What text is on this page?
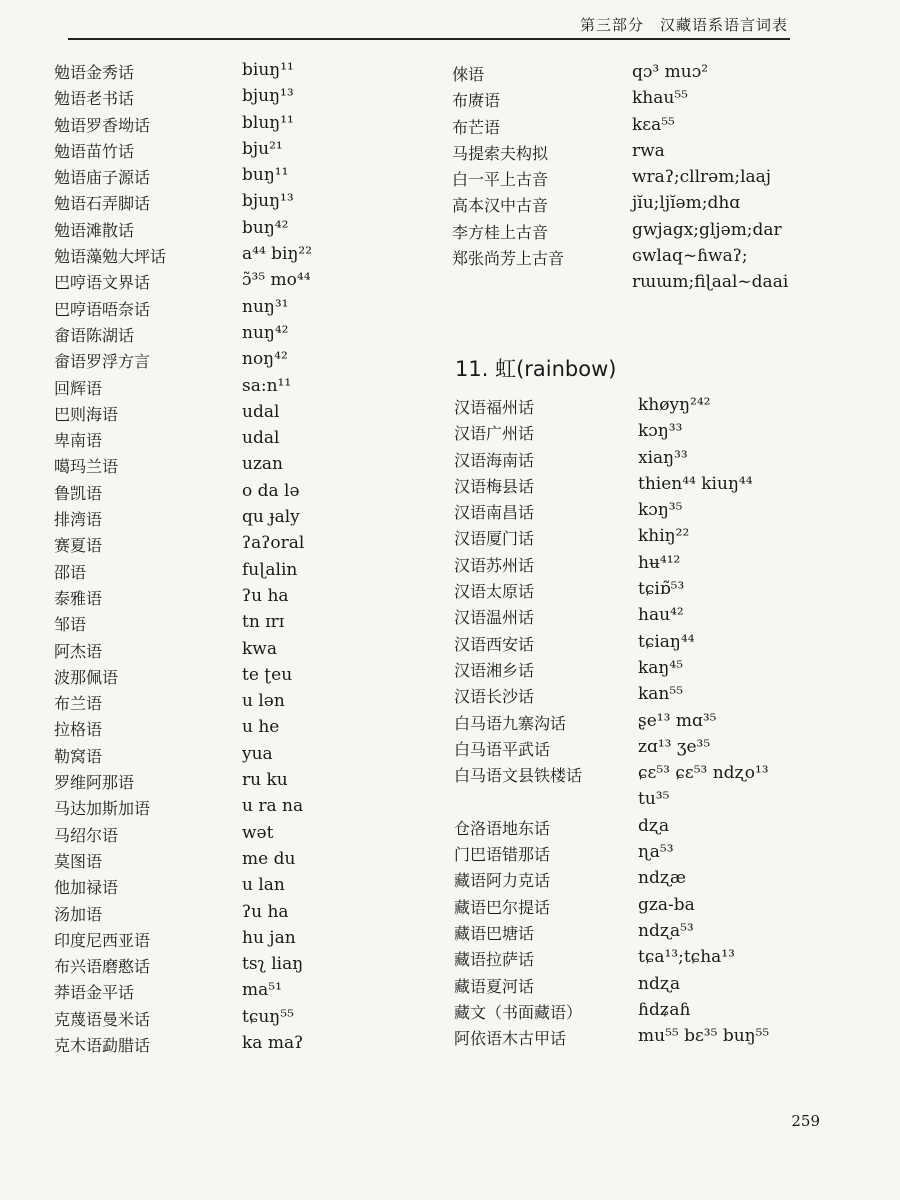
第三部分　汉藏语系语言词表
勉语金秀话	biuŋ¹¹
勉语老书话	bjuŋ¹³
勉语罗香坳话	bluŋ¹¹
勉语苗竹话	bju²¹
勉语庙子源话	buŋ¹¹
勉语石弄脚话	bjuŋ¹³
勉语滩散话	buŋ⁴²
勉语藻勉大坪话	a⁴⁴ biŋ²²
巴哼语文界话	ɔ̃³⁵ mo⁴⁴
巴哼语唔奈话	nuŋ³¹
畲语陈湖话	nuŋ⁴²
畲语罗浮方言	noŋ⁴²
回辉语	sa:n¹¹
巴则海语	udal
卑南语	udal
噶玛兰语	uzan
鲁凯语	o da lə
排湾语	qu ɟaly
赛夏语	ʔaʔoral
邵语	fuɭalin
泰雅语	ʔu ha
邹语	tn ɪrɪ
阿杰语	kwa
波那佩语	te ʈeu
布兰语	u lən
拉格语	u he
勒窝语	yua
罗维阿那语	ru ku
马达加斯加语	u ra na
马绍尔语	wət
莫图语	me du
他加禄语	u lan
汤加语	ʔu ha
印度尼西亚语	hu jan
布兴语磨憨话	tsʅ liaŋ
莽语金平话	ma⁵¹
克蔑语曼米话	tɕuŋ⁵⁵
克木语勐腊话	ka maʔ
倈语	qɔ³ muɔ²
布赓语	khau⁵⁵
布芒语	kɛa⁵⁵
马提索夫构拟	rwa
白一平上古音	wraʔ;cllrəm;laaj
高本汉中古音	jĭu;ljĭəm;dhɑ
李方桂上古音	gwjagx;gljəm;dar
郑张尚芳上古音	ɢwlaq~ɦwaʔ;
rɯɯm;fiɭaal~daai
11. 虹(rainbow)
汉语福州话	khøyŋ²⁴²
汉语广州话	kɔŋ³³
汉语海南话	xiaŋ³³
汉语梅县话	thien⁴⁴ kiuŋ⁴⁴
汉语南昌话	kɔŋ³⁵
汉语厦门话	khiŋ²²
汉语苏州话	hʉ⁴¹²
汉语太原话	tɕiɒ̃⁵³
汉语温州话	hau⁴²
汉语西安话	tɕiaŋ⁴⁴
汉语湘乡话	kaŋ⁴⁵
汉语长沙话	kan⁵⁵
白马语九寨沟话	ʂe¹³ mɑ³⁵
白马语平武话	zɑ¹³ ʒe³⁵
白马语文县铁楼话	ɕɛ⁵³ ɕɛ⁵³ ndʐo¹³
tu³⁵
仓洛语地东话	dʐa
门巴语错那话	ɳa⁵³
藏语阿力克话	ndʐæ
藏语巴尔提话	gza-ba
藏语巴塘话	ndʐa⁵³
藏语拉萨话	tɕa¹³;tɕha¹³
藏语夏河话	ndʐa
藏文（书面藏语）	ɦdʑaɦ
阿依语木古甲话	mu⁵⁵ bɛ³⁵ buŋ⁵⁵
259
